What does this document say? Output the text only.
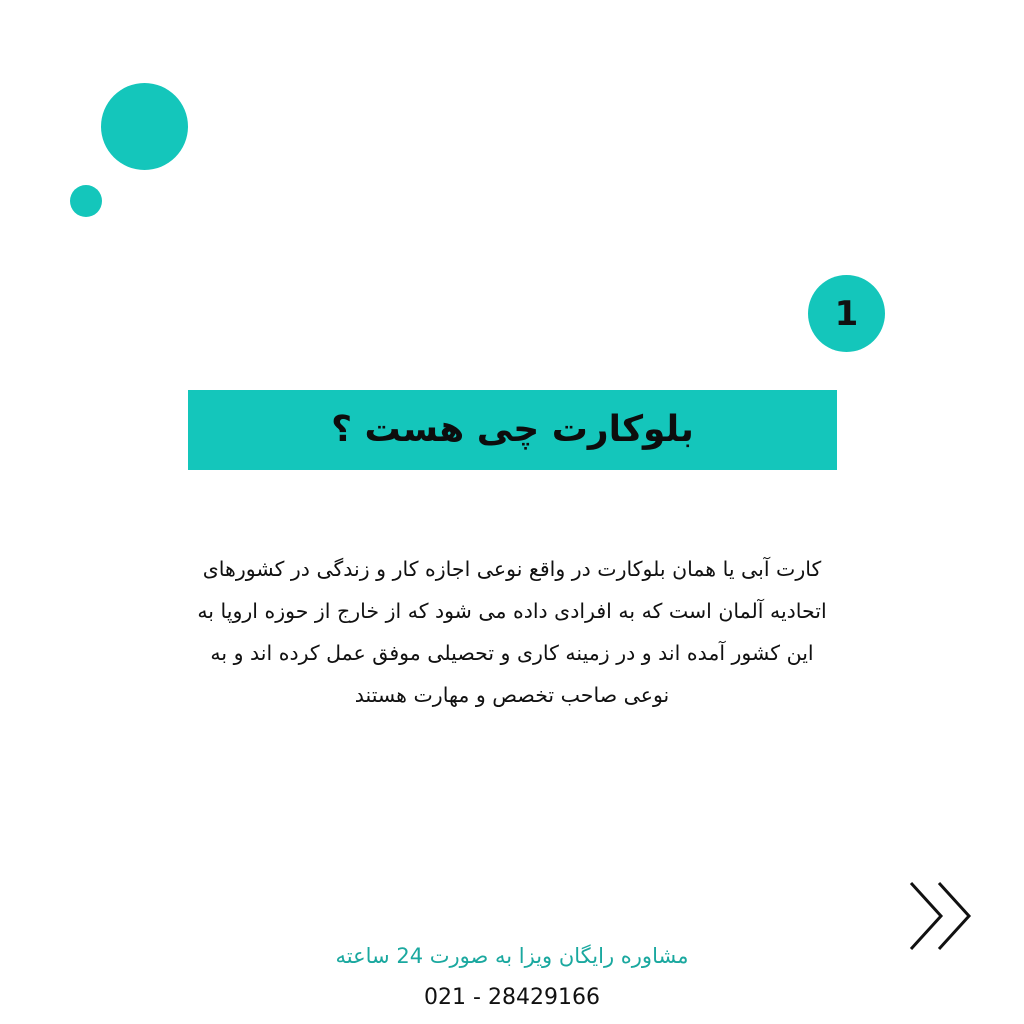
1
بلوکارت چی هست ؟
کارت آبی یا همان بلوکارت در واقع نوعی اجازه کار و زندگی در کشورهای
اتحادیه آلمان است که به افرادی داده می شود که از خارج از حوزه اروپا به
این کشور آمده اند و در زمینه کاری و تحصیلی موفق عمل کرده اند و به
نوعی صاحب تخصص و مهارت هستند
مشاوره رایگان ویزا به صورت 24 ساعته
021 - 28429166
